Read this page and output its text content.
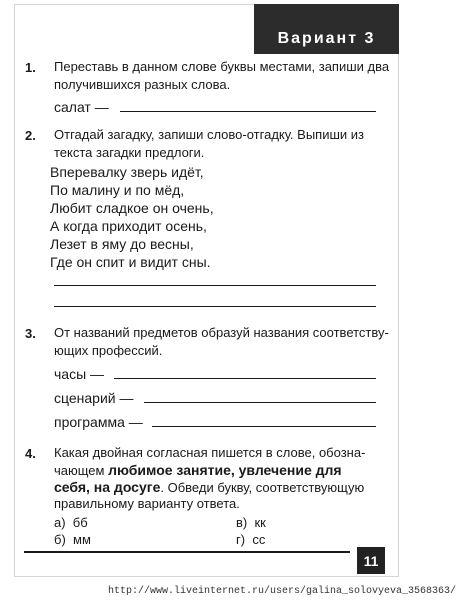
Вариант 3
1. Переставь в данном слове буквы местами, запиши два
получившихся разных слова.
салат —
2. Отгадай загадку, запиши слово-отгадку. Выпиши из
текста загадки предлоги.
Вперевалку зверь идёт,
По малину и по мёд,
Любит сладкое он очень,
А когда приходит осень,
Лезет в яму до весны,
Где он спит и видит сны.
3. От названий предметов образуй названия соответству-
ющих профессий.
часы —
сценарий —
программа —
4. Какая двойная согласная пишется в слове, обозна-
чающем любимое занятие, увлечение для
себя, на досуге. Обведи букву, соответствующую
правильному варианту ответа.
а) бб	в) кк
б) мм	г) сс
11
http://www.liveinternet.ru/users/galina_solovyeva_3568363/
